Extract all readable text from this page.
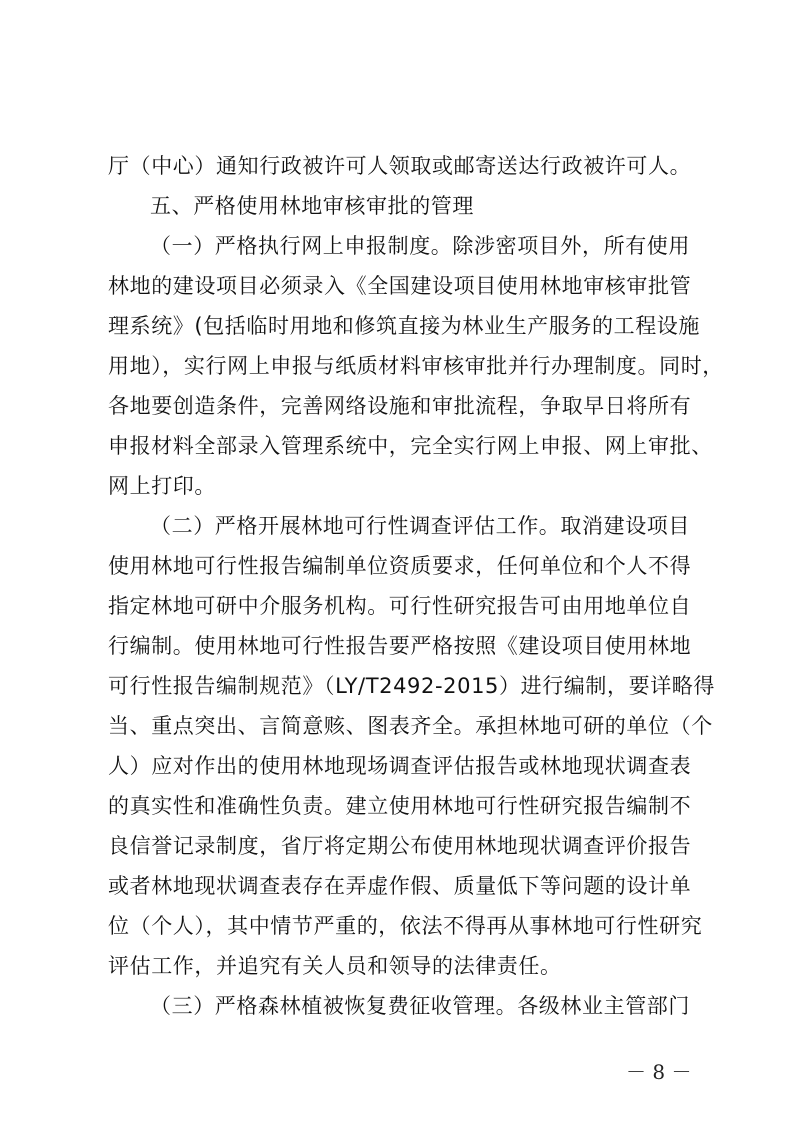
厅（中心）通知行政被许可人领取或邮寄送达行政被许可人。
五、严格使用林地审核审批的管理
（一）严格执行网上申报制度。除涉密项目外，所有使用
林地的建设项目必须录入《全国建设项目使用林地审核审批管
理系统》(包括临时用地和修筑直接为林业生产服务的工程设施
用地），实行网上申报与纸质材料审核审批并行办理制度。同时，
各地要创造条件，完善网络设施和审批流程，争取早日将所有
申报材料全部录入管理系统中，完全实行网上申报、网上审批、
网上打印。
（二）严格开展林地可行性调查评估工作。取消建设项目
使用林地可行性报告编制单位资质要求，任何单位和个人不得
指定林地可研中介服务机构。可行性研究报告可由用地单位自
行编制。使用林地可行性报告要严格按照《建设项目使用林地
可行性报告编制规范》（LY/T2492-2015）进行编制，要详略得
当、重点突出、言简意赅、图表齐全。承担林地可研的单位（个
人）应对作出的使用林地现场调查评估报告或林地现状调查表
的真实性和准确性负责。建立使用林地可行性研究报告编制不
良信誉记录制度，省厅将定期公布使用林地现状调查评价报告
或者林地现状调查表存在弄虚作假、质量低下等问题的设计单
位（个人），其中情节严重的，依法不得再从事林地可行性研究
评估工作，并追究有关人员和领导的法律责任。
（三）严格森林植被恢复费征收管理。各级林业主管部门
－ 8 －
